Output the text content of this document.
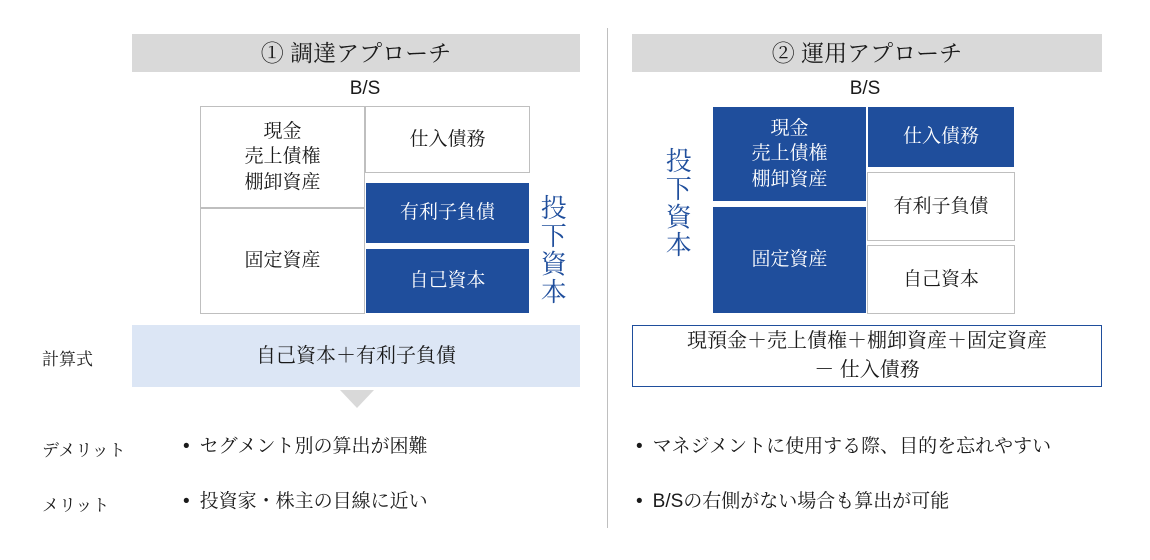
① 調達アプローチ
B/S
現金
売上債権
棚卸資産
固定資産
仕入債務
有利子負債
自己資本	投下資本
計算式
デメリット
メリット
自己資本＋有利子負債
• セグメント別の算出が困難
• 投資家・株主の目線に近い
② 運用アプローチ
B/S
現金
売上債権
棚卸資産
固定資産
仕入債務
有利子負債
自己資本
投下資本
現預金＋売上債権＋棚卸資産＋固定資産
－ 仕入債務
• マネジメントに使用する際、目的を忘れやすい
• B/Sの右側がない場合も算出が可能
